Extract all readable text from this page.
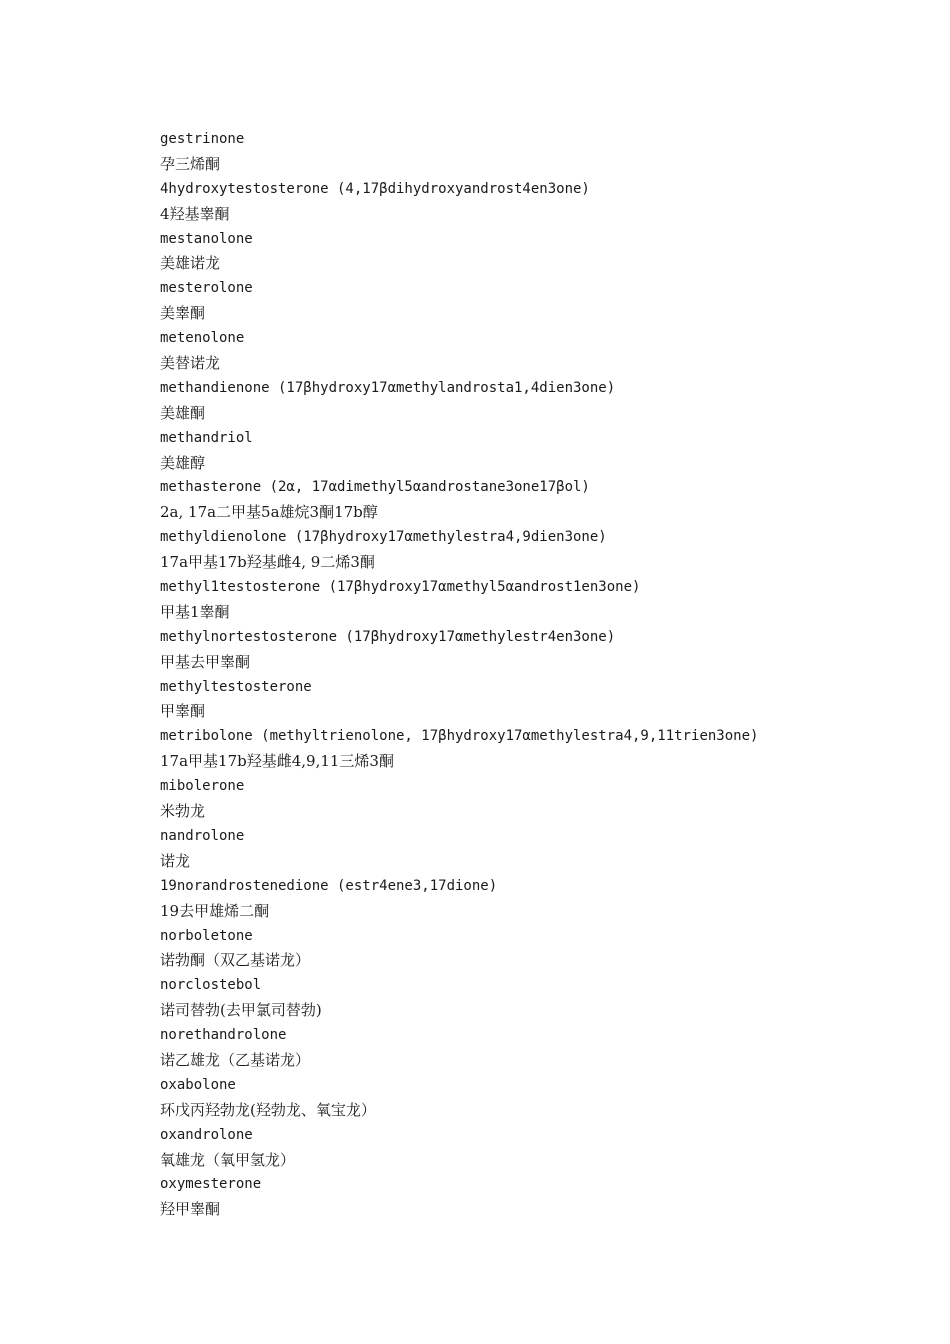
gestrinone
孕三烯酮
4hydroxytestosterone (4,17βdihydroxyandrost4en3one)
4羟基睾酮
mestanolone
美雄诺龙
mesterolone
美睾酮
metenolone
美替诺龙
methandienone (17βhydroxy17αmethylandrosta1,4dien3one)
美雄酮
methandriol
美雄醇
methasterone (2α, 17αdimethyl5αandrostane3one17βol)
2a, 17a二甲基5a雄烷3酮17b醇
methyldienolone (17βhydroxy17αmethylestra4,9dien3one)
17a甲基17b羟基雌4, 9二烯3酮
methyl1testosterone (17βhydroxy17αmethyl5αandrost1en3one)
甲基1睾酮
methylnortestosterone (17βhydroxy17αmethylestr4en3one)
甲基去甲睾酮
methyltestosterone
甲睾酮
metribolone (methyltrienolone, 17βhydroxy17αmethylestra4,9,11trien3one)
17a甲基17b羟基雌4,9,11三烯3酮
mibolerone
米勃龙
nandrolone
诺龙
19norandrostenedione (estr4ene3,17dione)
19去甲雄烯二酮
norboletone
诺勃酮（双乙基诺龙）
norclostebol
诺司替勃(去甲氯司替勃)
norethandrolone
诺乙雄龙（乙基诺龙）
oxabolone
环戊丙羟勃龙(羟勃龙、氧宝龙）
oxandrolone
氧雄龙（氧甲氢龙）
oxymesterone
羟甲睾酮
